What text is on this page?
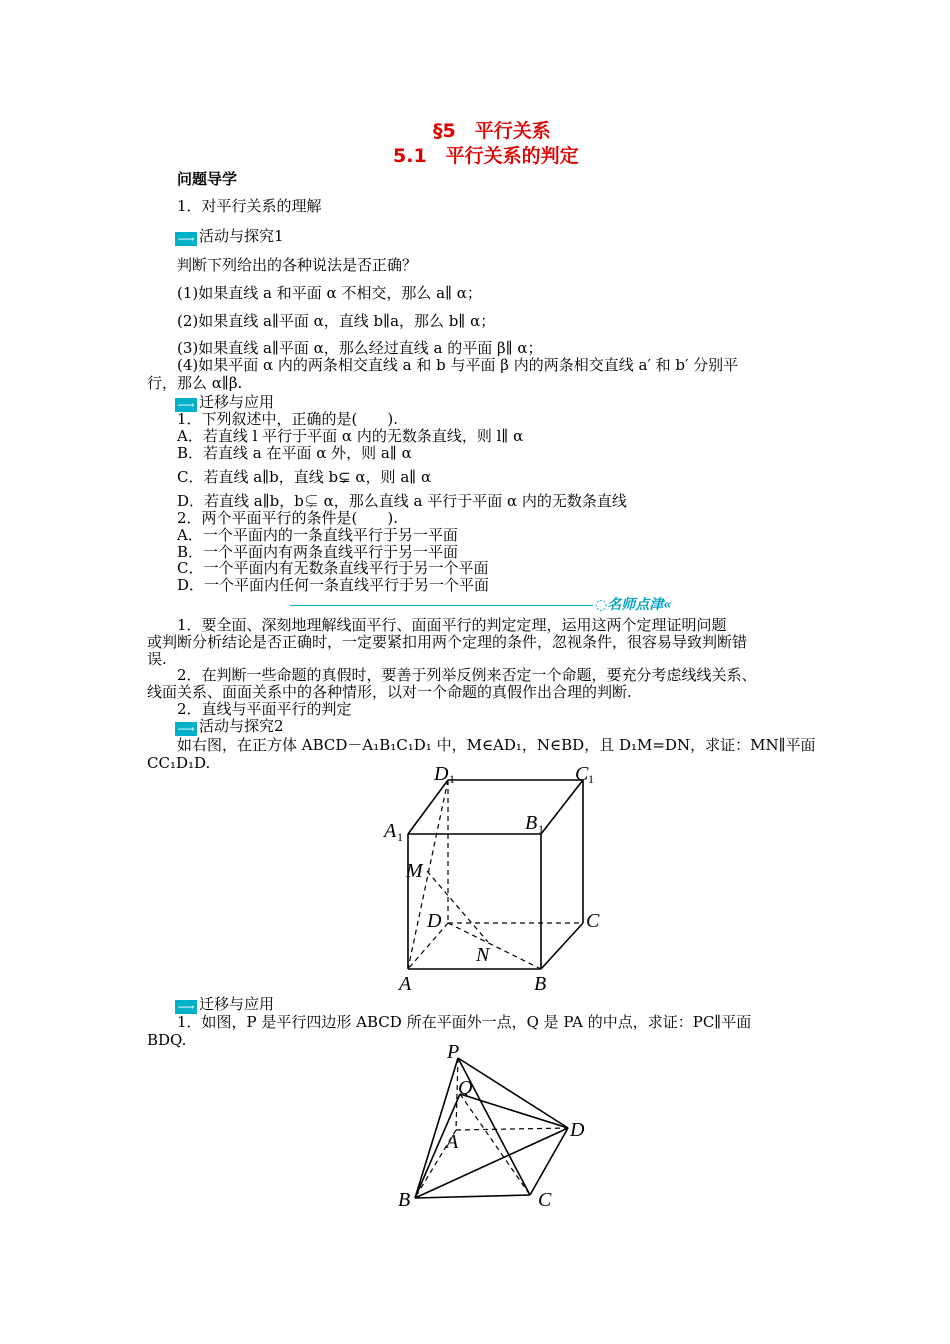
§5　平行关系
5.1　平行关系的判定
问题导学
1．对平行关系的理解
⟶ 活动与探究1
判断下列给出的各种说法是否正确？
(1)如果直线 a 和平面 α 不相交，那么 a∥ α；
(2)如果直线 a∥平面 α，直线 b∥a，那么 b∥ α；
(3)如果直线 a∥平面 α，那么经过直线 a 的平面 β∥ α；
(4)如果平面 α 内的两条相交直线 a 和 b 与平面 β 内的两条相交直线 a′ 和 b′ 分别平
行，那么 α∥β.
⟶ 迁移与应用
1．下列叙述中，正确的是(　　).
A．若直线 l 平行于平面 α 内的无数条直线，则 l∥ α
B．若直线 a 在平面 α 外，则 a∥ α
C．若直线 a∥b，直线 b⊊ α，则 a∥ α
D．若直线 a∥b，b⊊ α，那么直线 a 平行于平面 α 内的无数条直线
2．两个平面平行的条件是(　　).
A．一个平面内的一条直线平行于另一平面
B．一个平面内有两条直线平行于另一平面
C．一个平面内有无数条直线平行于另一个平面
D．一个平面内任何一条直线平行于另一个平面
◌名师点津«
1．要全面、深刻地理解线面平行、面面平行的判定定理，运用这两个定理证明问题
或判断分析结论是否正确时，一定要紧扣用两个定理的条件，忽视条件，很容易导致判断错
误.
2．在判断一些命题的真假时，要善于列举反例来否定一个命题，要充分考虑线线关系、
线面关系、面面关系中的各种情形，以对一个命题的真假作出合理的判断.
2．直线与平面平行的判定
⟶ 活动与探究2
如右图，在正方体 ABCD－A₁B₁C₁D₁ 中，M∈AD₁，N∈BD，且 D₁M=DN，求证：MN∥平面
CC₁D₁D.	D 1	C 1
A 1
B 1
M
D	C
N
A	B
⟶ 迁移与应用
1．如图，P 是平行四边形 ABCD 所在平面外一点，Q 是 PA 的中点，求证：PC∥平面
BDQ.
P
Q
A
D
B	C
